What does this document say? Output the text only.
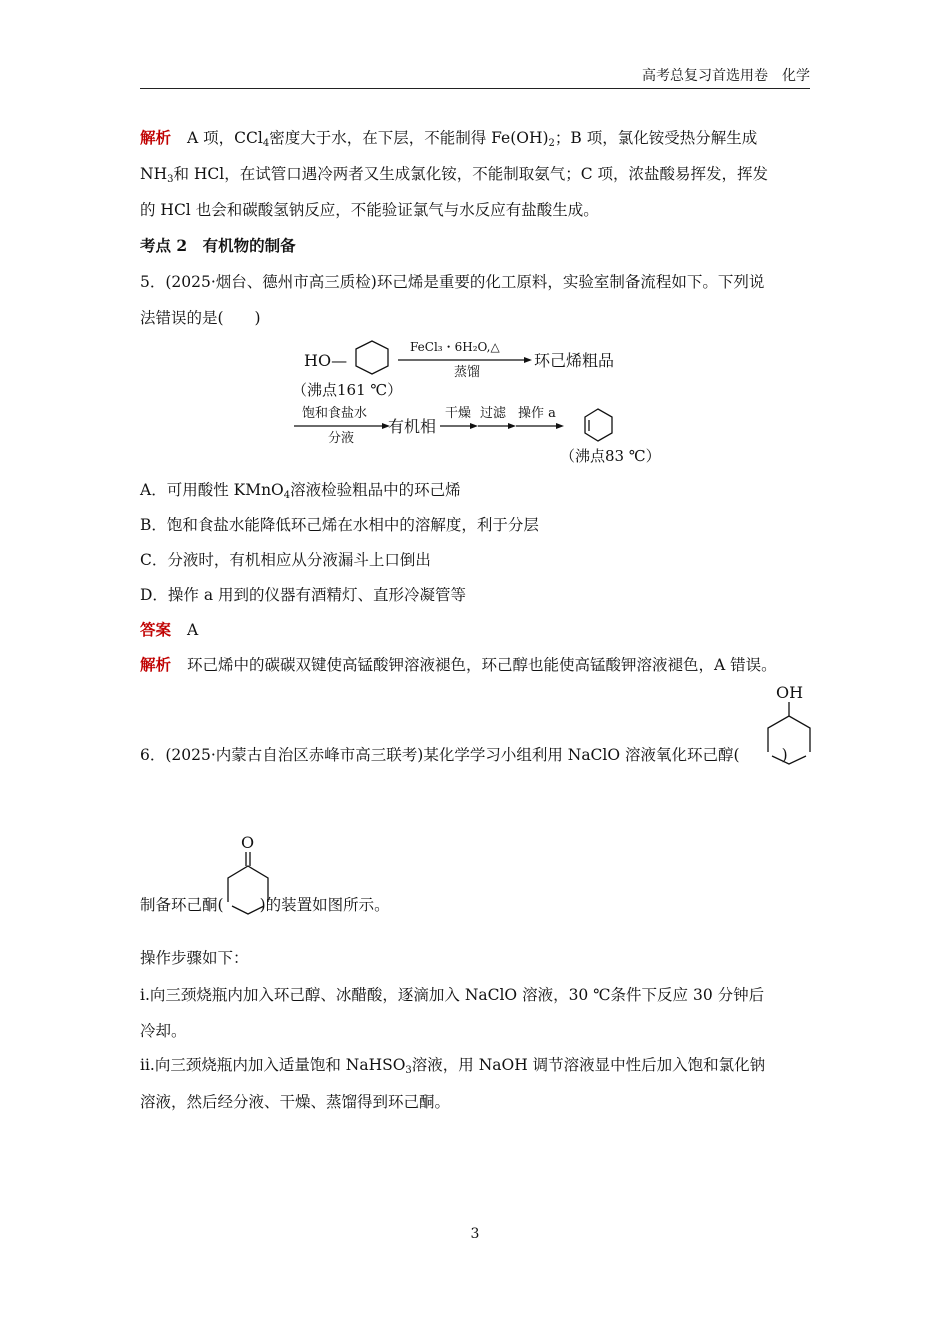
高考总复习首选用卷　化学
解析 A 项，CCl$_4$密度大于水，在下层，不能制得 $Fe(OH)_2$；B 项，氯化铵受热分解生成
$NH_3$和 HCl，在试管口遇冷两者又生成氯化铵，不能制取氨气；C 项，浓盐酸易挥发，挥发
的 HCl 也会和碳酸氢钠反应，不能验证氯气与水反应有盐酸生成。
考点 2　有机物的制备
5．(2025·烟台、德州市高三质检)环己烯是重要的化工原料，实验室制备流程如下。下列说
法错误的是(　　)
HO—
（沸点161 ℃）
FeCl₃・6H₂O,△
蒸馏
环己烯粗品
饱和食盐水
分液
有机相
干燥 过滤 操作 a
（沸点83 ℃）
A．可用酸性 KMnO$_4$溶液检验粗品中的环己烯
B．饱和食盐水能降低环己烯在水相中的溶解度，利于分层
C．分液时，有机相应从分液漏斗上口倒出
D．操作 a 用到的仪器有酒精灯、直形冷凝管等
答案 A
解析 环己烯中的碳碳双键使高锰酸钾溶液褪色，环己醇也能使高锰酸钾溶液褪色，A 错误。
OH
6．(2025·内蒙古自治区赤峰市高三联考)某化学学习小组利用 NaClO 溶液氧化环己醇(	)
O
制备环己酮( )的装置如图所示。
操作步骤如下：
ⅰ.向三颈烧瓶内加入环己醇、冰醋酸，逐滴加入 NaClO 溶液，30 ℃条件下反应 30 分钟后
冷却。
ⅱ.向三颈烧瓶内加入适量饱和 NaHSO$_3$溶液，用 NaOH 调节溶液显中性后加入饱和氯化钠
溶液，然后经分液、干燥、蒸馏得到环己酮。
3
